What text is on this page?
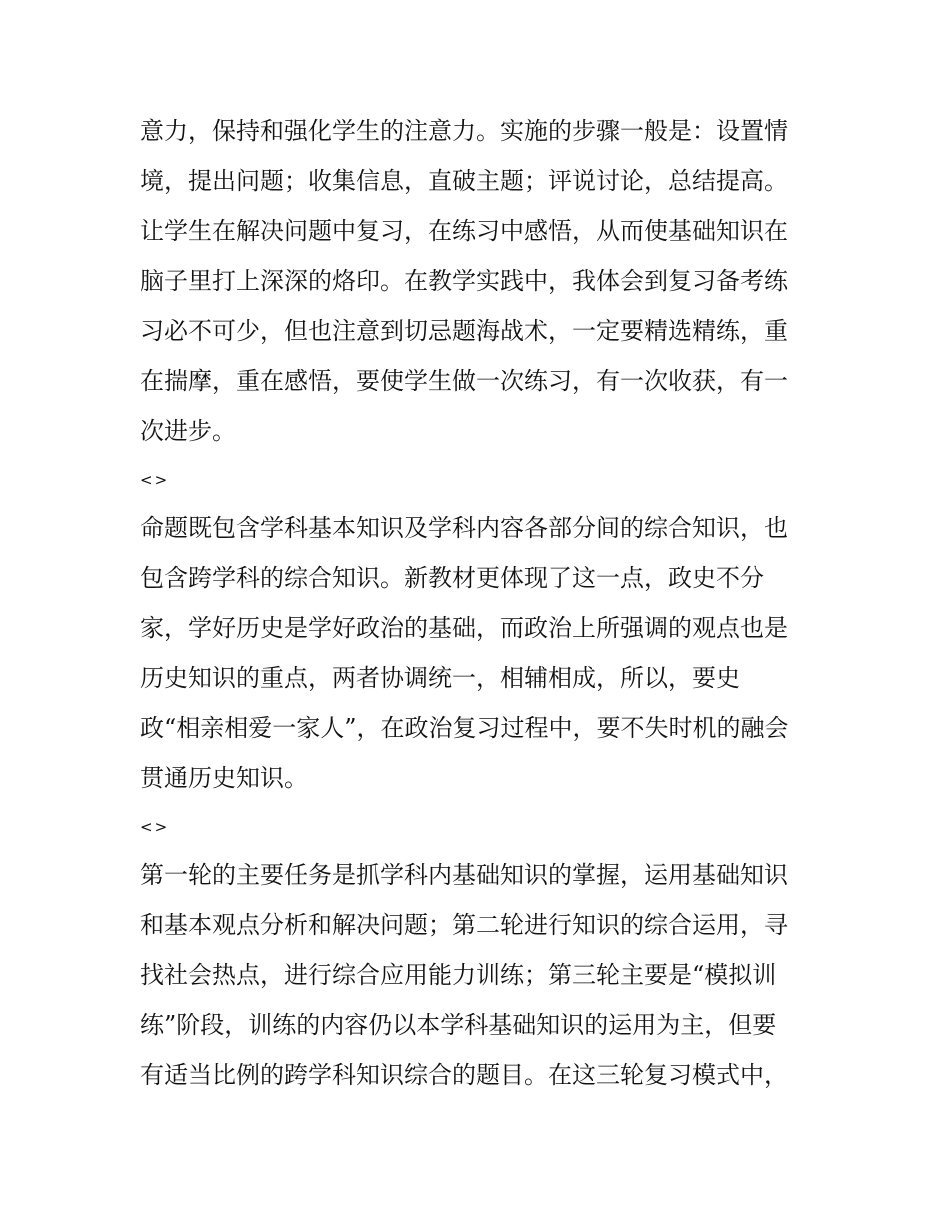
意力，保持和强化学生的注意力。实施的步骤一般是：设置情
境，提出问题；收集信息，直破主题；评说讨论，总结提高。
让学生在解决问题中复习，在练习中感悟，从而使基础知识在
脑子里打上深深的烙印。在教学实践中，我体会到复习备考练
习必不可少，但也注意到切忌题海战术，一定要精选精练，重
在揣摩，重在感悟，要使学生做一次练习，有一次收获，有一
次进步。
<>
命题既包含学科基本知识及学科内容各部分间的综合知识，也
包含跨学科的综合知识。新教材更体现了这一点，政史不分
家，学好历史是学好政治的基础，而政治上所强调的观点也是
历史知识的重点，两者协调统一，相辅相成，所以，要史
政“相亲相爱一家人”，在政治复习过程中，要不失时机的融会
贯通历史知识。
<>
第一轮的主要任务是抓学科内基础知识的掌握，运用基础知识
和基本观点分析和解决问题；第二轮进行知识的综合运用，寻
找社会热点，进行综合应用能力训练；第三轮主要是“模拟训
练”阶段，训练的内容仍以本学科基础知识的运用为主，但要
有适当比例的跨学科知识综合的题目。在这三轮复习模式中，
